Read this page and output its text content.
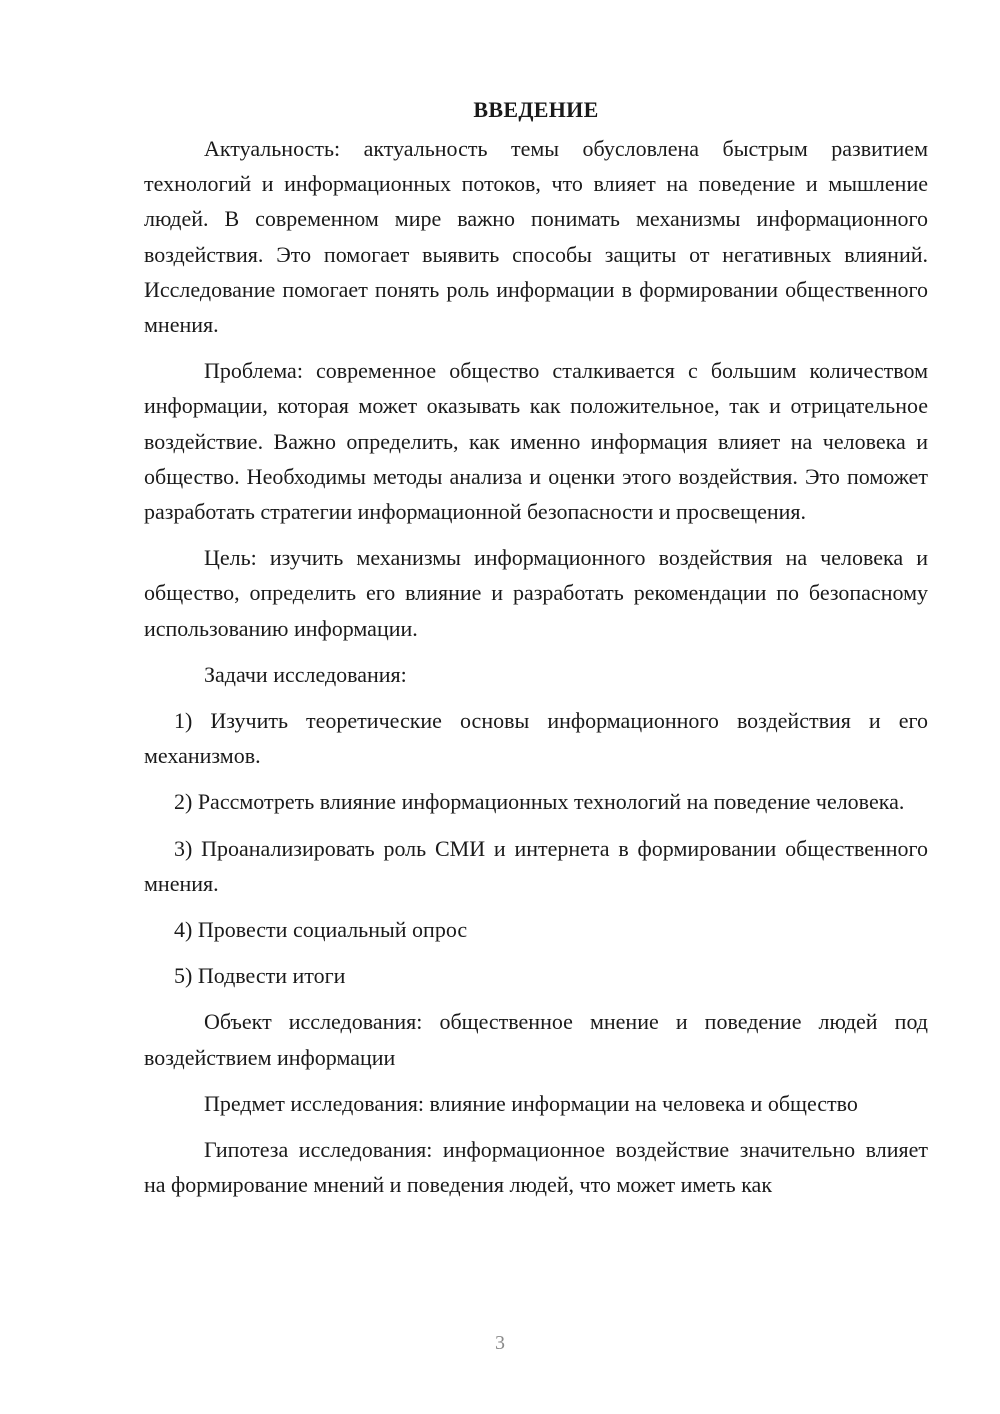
ВВЕДЕНИЕ

Актуальность: актуальность темы обусловлена быстрым развитием технологий и информационных потоков, что влияет на поведение и мышление людей. В современном мире важно понимать механизмы информационного воздействия. Это помогает выявить способы защиты от негативных влияний. Исследование помогает понять роль информации в формировании общественного мнения.

Проблема: современное общество сталкивается с большим количеством информации, которая может оказывать как положительное, так и отрицательное воздействие. Важно определить, как именно информация влияет на человека и общество. Необходимы методы анализа и оценки этого воздействия. Это поможет разработать стратегии информационной безопасности и просвещения.

Цель: изучить механизмы информационного воздействия на человека и общество, определить его влияние и разработать рекомендации по безопасному использованию информации.

Задачи исследования:

1) Изучить теоретические основы информационного воздействия и его механизмов.

2) Рассмотреть влияние информационных технологий на поведение человека.

3) Проанализировать роль СМИ и интернета в формировании общественного мнения.

4) Провести социальный опрос

5) Подвести итоги

Объект исследования: общественное мнение и поведение людей под воздействием информации

Предмет исследования: влияние информации на человека и общество

Гипотеза исследования: информационное воздействие значительно влияет на формирование мнений и поведения людей, что может иметь как

3
